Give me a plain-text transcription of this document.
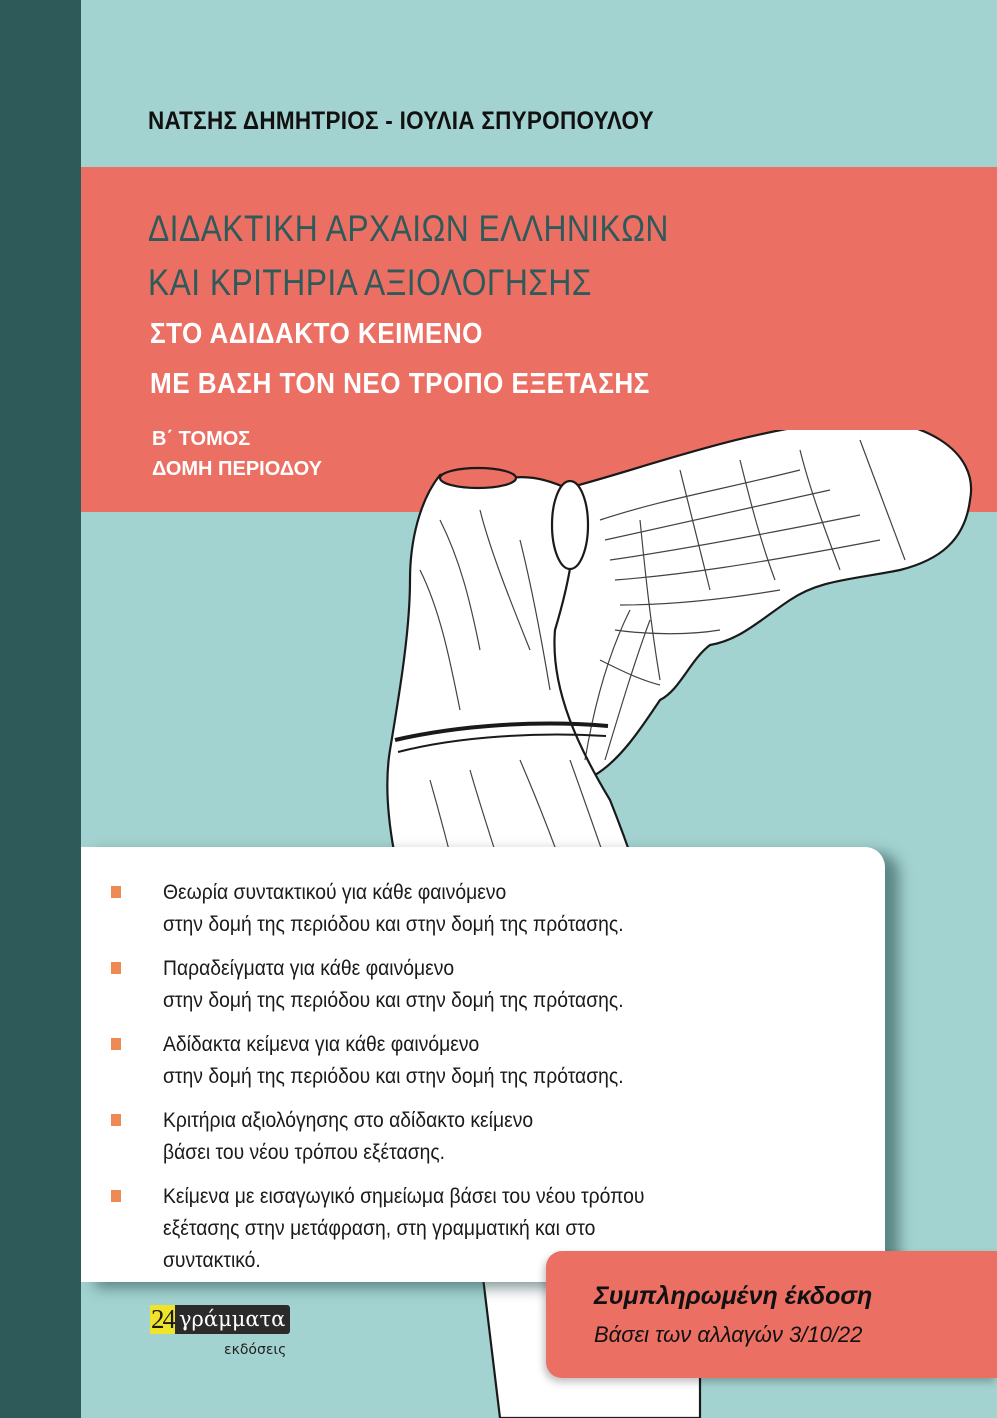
ΝΑΤΣΗΣ ΔΗΜΗΤΡΙΟΣ - ΙΟΥΛΙΑ ΣΠΥΡΟΠΟΥΛΟΥ
ΔΙΔΑΚΤΙΚΗ ΑΡΧΑΙΩΝ ΕΛΛΗΝΙΚΩΝ
ΚΑΙ ΚΡΙΤΗΡΙΑ ΑΞΙΟΛΟΓΗΣΗΣ
ΣΤΟ ΑΔΙΔΑΚΤΟ ΚΕΙΜΕΝΟ
ΜΕ ΒΑΣΗ ΤΟΝ ΝΕΟ ΤΡΟΠΟ ΕΞΕΤΑΣΗΣ
Β΄ ΤΟΜΟΣ
ΔΟΜΗ ΠΕΡΙΟΔΟΥ
Θεωρία συντακτικού για κάθε φαινόμενο
στην δομή της περιόδου και στην δομή της πρότασης.
Παραδείγματα για κάθε φαινόμενο
στην δομή της περιόδου και στην δομή της πρότασης.
Αδίδακτα κείμενα για κάθε φαινόμενο
στην δομή της περιόδου και στην δομή της πρότασης.
Κριτήρια αξιολόγησης στο αδίδακτο κείμενο
βάσει του νέου τρόπου εξέτασης.
Κείμενα με εισαγωγικό σημείωμα βάσει του νέου τρόπου
εξέτασης στην μετάφραση, στη γραμματική και στο
συντακτικό.
Συμπληρωμένη έκδοση
Βάσει των αλλαγών 3/10/22
24 γράμματα
εκδόσεις
